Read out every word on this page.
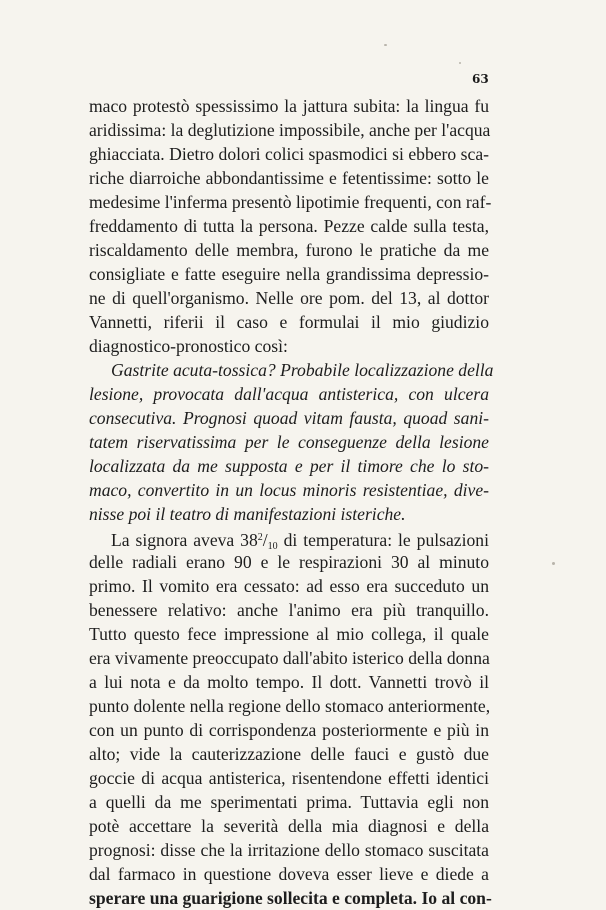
63
maco protestò spessissimo la jattura subita: la lingua fu
aridissima: la deglutizione impossibile, anche per l'acqua
ghiacciata. Dietro dolori colici spasmodici si ebbero sca-
riche diarroiche abbondantissime e fetentissime: sotto le
medesime l'inferma presentò lipotimie frequenti, con raf-
freddamento di tutta la persona. Pezze calde sulla testa,
riscaldamento delle membra, furono le pratiche da me
consigliate e fatte eseguire nella grandissima depressio-
ne di quell'organismo. Nelle ore pom. del 13, al dottor
Vannetti, riferii il caso e formulai il mio giudizio
diagnostico-pronostico così:
Gastrite acuta-tossica? Probabile localizzazione della
lesione, provocata dall'acqua antisterica, con ulcera
consecutiva. Prognosi quoad vitam fausta, quoad sani-
tatem riservatissima per le conseguenze della lesione
localizzata da me supposta e per il timore che lo sto-
maco, convertito in un locus minoris resistentiae, dive-
nisse poi il teatro di manifestazioni isteriche.
La signora aveva $38^2/_{10}$ di temperatura: le pulsazioni
delle radiali erano 90 e le respirazioni 30 al minuto
primo. Il vomito era cessato: ad esso era succeduto un
benessere relativo: anche l'animo era più tranquillo.
Tutto questo fece impressione al mio collega, il quale
era vivamente preoccupato dall'abito isterico della donna
a lui nota e da molto tempo. Il dott. Vannetti trovò il
punto dolente nella regione dello stomaco anteriormente,
con un punto di corrispondenza posteriormente e più in
alto; vide la cauterizzazione delle fauci e gustò due
goccie di acqua antisterica, risentendone effetti identici
a quelli da me sperimentati prima. Tuttavia egli non
potè accettare la severità della mia diagnosi e della
prognosi: disse che la irritazione dello stomaco suscitata
dal farmaco in questione doveva esser lieve e diede a
sperare una guarigione sollecita e completa. Io al con-
